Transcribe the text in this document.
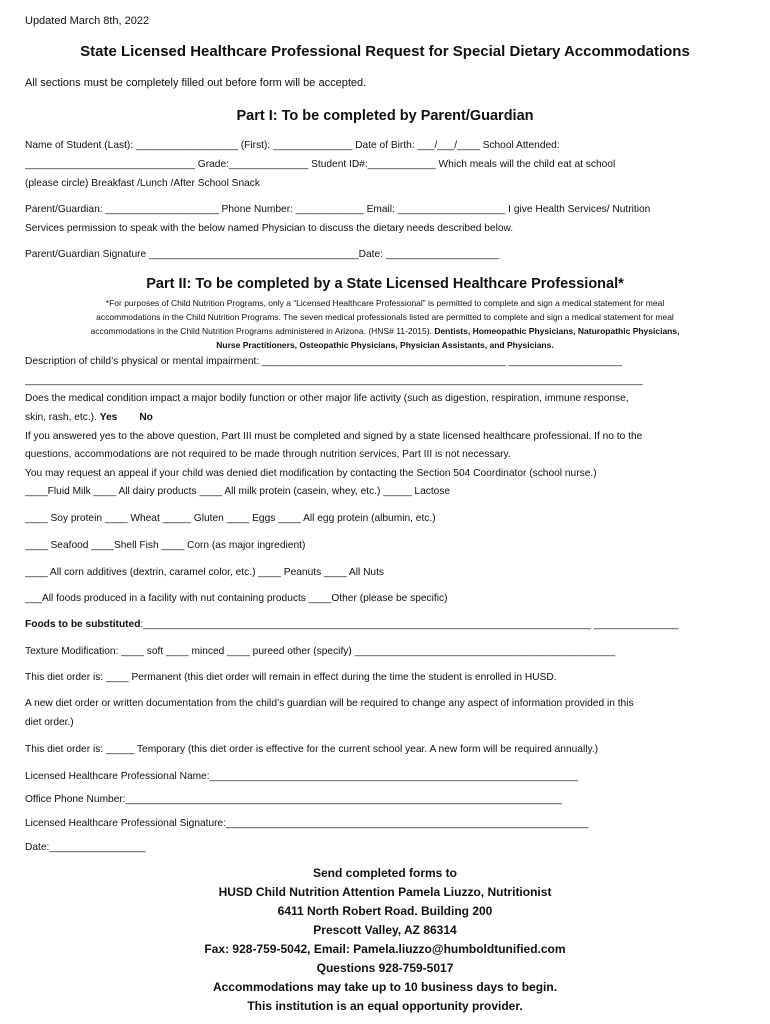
Updated March 8th, 2022
State Licensed Healthcare Professional Request for Special Dietary Accommodations
All sections must be completely filled out before form will be accepted.
Part I: To be completed by Parent/Guardian
Name of Student (Last): __________________ (First): ______________ Date of Birth: ___/___/____ School Attended:
______________________________ Grade:______________ Student ID#:____________ Which meals will the child eat at school
(please circle) Breakfast /Lunch /After School Snack
Parent/Guardian: ____________________ Phone Number: ____________ Email: ___________________ I give Health Services/ Nutrition
Services permission to speak with the below named Physician to discuss the dietary needs described below.
Parent/Guardian Signature _____________________________________Date: ____________________
Part II: To be completed by a State Licensed Healthcare Professional*
*For purposes of Child Nutrition Programs, only a “Licensed Healthcare Professional” is permitted to complete and sign a medical statement for meal
accommodations in the Child Nutrition Programs. The seven medical professionals listed are permitted to complete and sign a medical statement for meal
accommodations in the Child Nutrition Programs administered in Arizona. (HNS# 11-2015). Dentists, Homeopathic Physicians, Naturopathic Physicians,
Nurse Practitioners, Osteopathic Physicians, Physician Assistants, and Physicians.
Description of child’s physical or mental impairment: ___________________________________________ ____________________
_____________________________________________________________________________________________________________
Does the medical condition impact a major bodily function or other major life activity (such as digestion, respiration, immune response,
skin, rash, etc.). Yes No
If you answered yes to the above question, Part III must be completed and signed by a state licensed healthcare professional. If no to the
questions, accommodations are not required to be made through nutrition services, Part III is not necessary.
You may request an appeal if your child was denied diet modification by contacting the Section 504 Coordinator (school nurse.)
____Fluid Milk ____ All dairy products ____ All milk protein (casein, whey, etc.) _____ Lactose
____ Soy protein ____ Wheat _____ Gluten ____ Eggs ____ All egg protein (albumin, etc.)
____ Seafood ____Shell Fish ____ Corn (as major ingredient)
____ All corn additives (dextrin, caramel color, etc.) ____ Peanuts ____ All Nuts
___All foods produced in a facility with nut containing products ____Other (please be specific)
Foods to be substituted:_______________________________________________________________________________ _______________
Texture Modification: ____ soft ____ minced ____ pureed other (specify) ______________________________________________
This diet order is: ____ Permanent (this diet order will remain in effect during the time the student is enrolled in HUSD.
A new diet order or written documentation from the child’s guardian will be required to change any aspect of information provided in this
diet order.)
This diet order is: _____ Temporary (this diet order is effective for the current school year. A new form will be required annually.)
Licensed Healthcare Professional Name:_________________________________________________________________
Office Phone Number:_____________________________________________________________________________
Licensed Healthcare Professional Signature:________________________________________________________________
Date:_________________
Send completed forms to
HUSD Child Nutrition Attention Pamela Liuzzo, Nutritionist
6411 North Robert Road. Building 200
Prescott Valley, AZ 86314
Fax: 928-759-5042, Email: Pamela.liuzzo@humboldtunified.com
Questions 928-759-5017
Accommodations may take up to 10 business days to begin.
This institution is an equal opportunity provider.
